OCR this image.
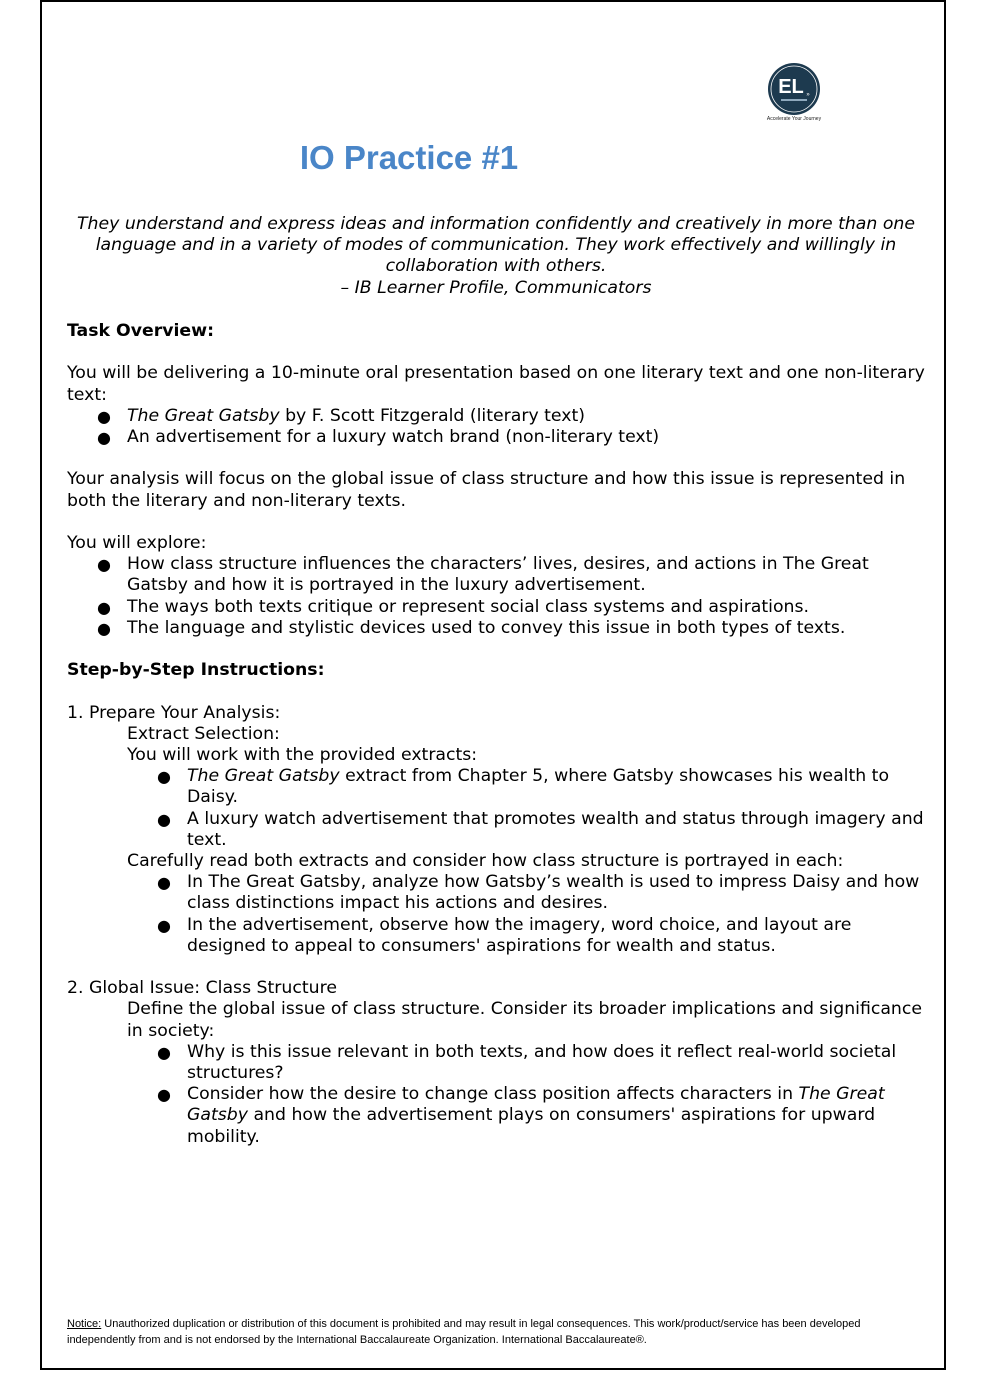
EL »
Accelerate Your Journey
IO Practice #1
They understand and express ideas and information confidently and creatively in more than one language and in a variety of modes of communication. They work effectively and willingly in collaboration with others.
– IB Learner Profile, Communicators

Task Overview:

You will be delivering a 10-minute oral presentation based on one literary text and one non-literary text:

● The Great Gatsby by F. Scott Fitzgerald (literary text)
● An advertisement for a luxury watch brand (non-literary text)

Your analysis will focus on the global issue of class structure and how this issue is represented in both the literary and non-literary texts.

You will explore:

● How class structure influences the characters’ lives, desires, and actions in The Great Gatsby and how it is portrayed in the luxury advertisement.
● The ways both texts critique or represent social class systems and aspirations.
● The language and stylistic devices used to convey this issue in both types of texts.

Step-by-Step Instructions:

1. Prepare Your Analysis:

Extract Selection:

You will work with the provided extracts:

● The Great Gatsby extract from Chapter 5, where Gatsby showcases his wealth to Daisy.
● A luxury watch advertisement that promotes wealth and status through imagery and text.

Carefully read both extracts and consider how class structure is portrayed in each:

● In The Great Gatsby, analyze how Gatsby’s wealth is used to impress Daisy and how class distinctions impact his actions and desires.
● In the advertisement, observe how the imagery, word choice, and layout are designed to appeal to consumers' aspirations for wealth and status.

2. Global Issue: Class Structure

Define the global issue of class structure. Consider its broader implications and significance in society:

● Why is this issue relevant in both texts, and how does it reflect real-world societal structures?
● Consider how the desire to change class position affects characters in The Great Gatsby and how the advertisement plays on consumers' aspirations for upward mobility.
Notice: Unauthorized duplication or distribution of this document is prohibited and may result in legal consequences. This work/product/service has been developed independently from and is not endorsed by the International Baccalaureate Organization. International Baccalaureate®.
